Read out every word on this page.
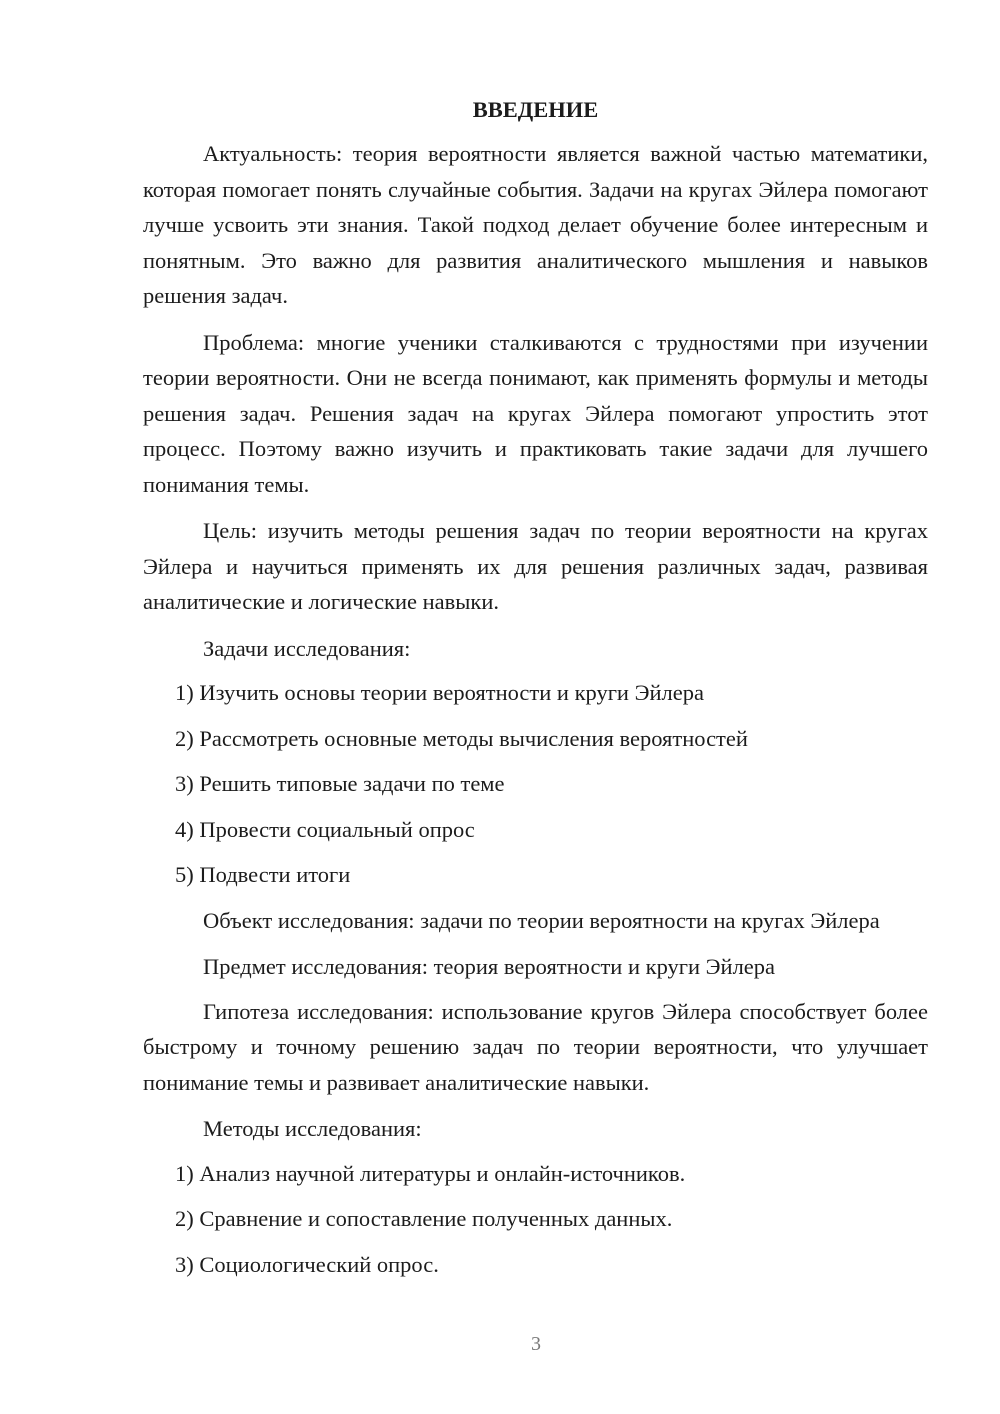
ВВЕДЕНИЕ

Актуальность: теория вероятности является важной частью математики, которая помогает понять случайные события. Задачи на кругах Эйлера помогают лучше усвоить эти знания. Такой подход делает обучение более интересным и понятным. Это важно для развития аналитического мышления и навыков решения задач.

Проблема: многие ученики сталкиваются с трудностями при изучении теории вероятности. Они не всегда понимают, как применять формулы и методы решения задач. Решения задач на кругах Эйлера помогают упростить этот процесс. Поэтому важно изучить и практиковать такие задачи для лучшего понимания темы.

Цель: изучить методы решения задач по теории вероятности на кругах Эйлера и научиться применять их для решения различных задач, развивая аналитические и логические навыки.

Задачи исследования:

1) Изучить основы теории вероятности и круги Эйлера
2) Рассмотреть основные методы вычисления вероятностей
3) Решить типовые задачи по теме
4) Провести социальный опрос
5) Подвести итоги

Объект исследования: задачи по теории вероятности на кругах Эйлера

Предмет исследования: теория вероятности и круги Эйлера

Гипотеза исследования: использование кругов Эйлера способствует более быстрому и точному решению задач по теории вероятности, что улучшает понимание темы и развивает аналитические навыки.

Методы исследования:

1) Анализ научной литературы и онлайн-источников.
2) Сравнение и сопоставление полученных данных.
3) Социологический опрос.
3
